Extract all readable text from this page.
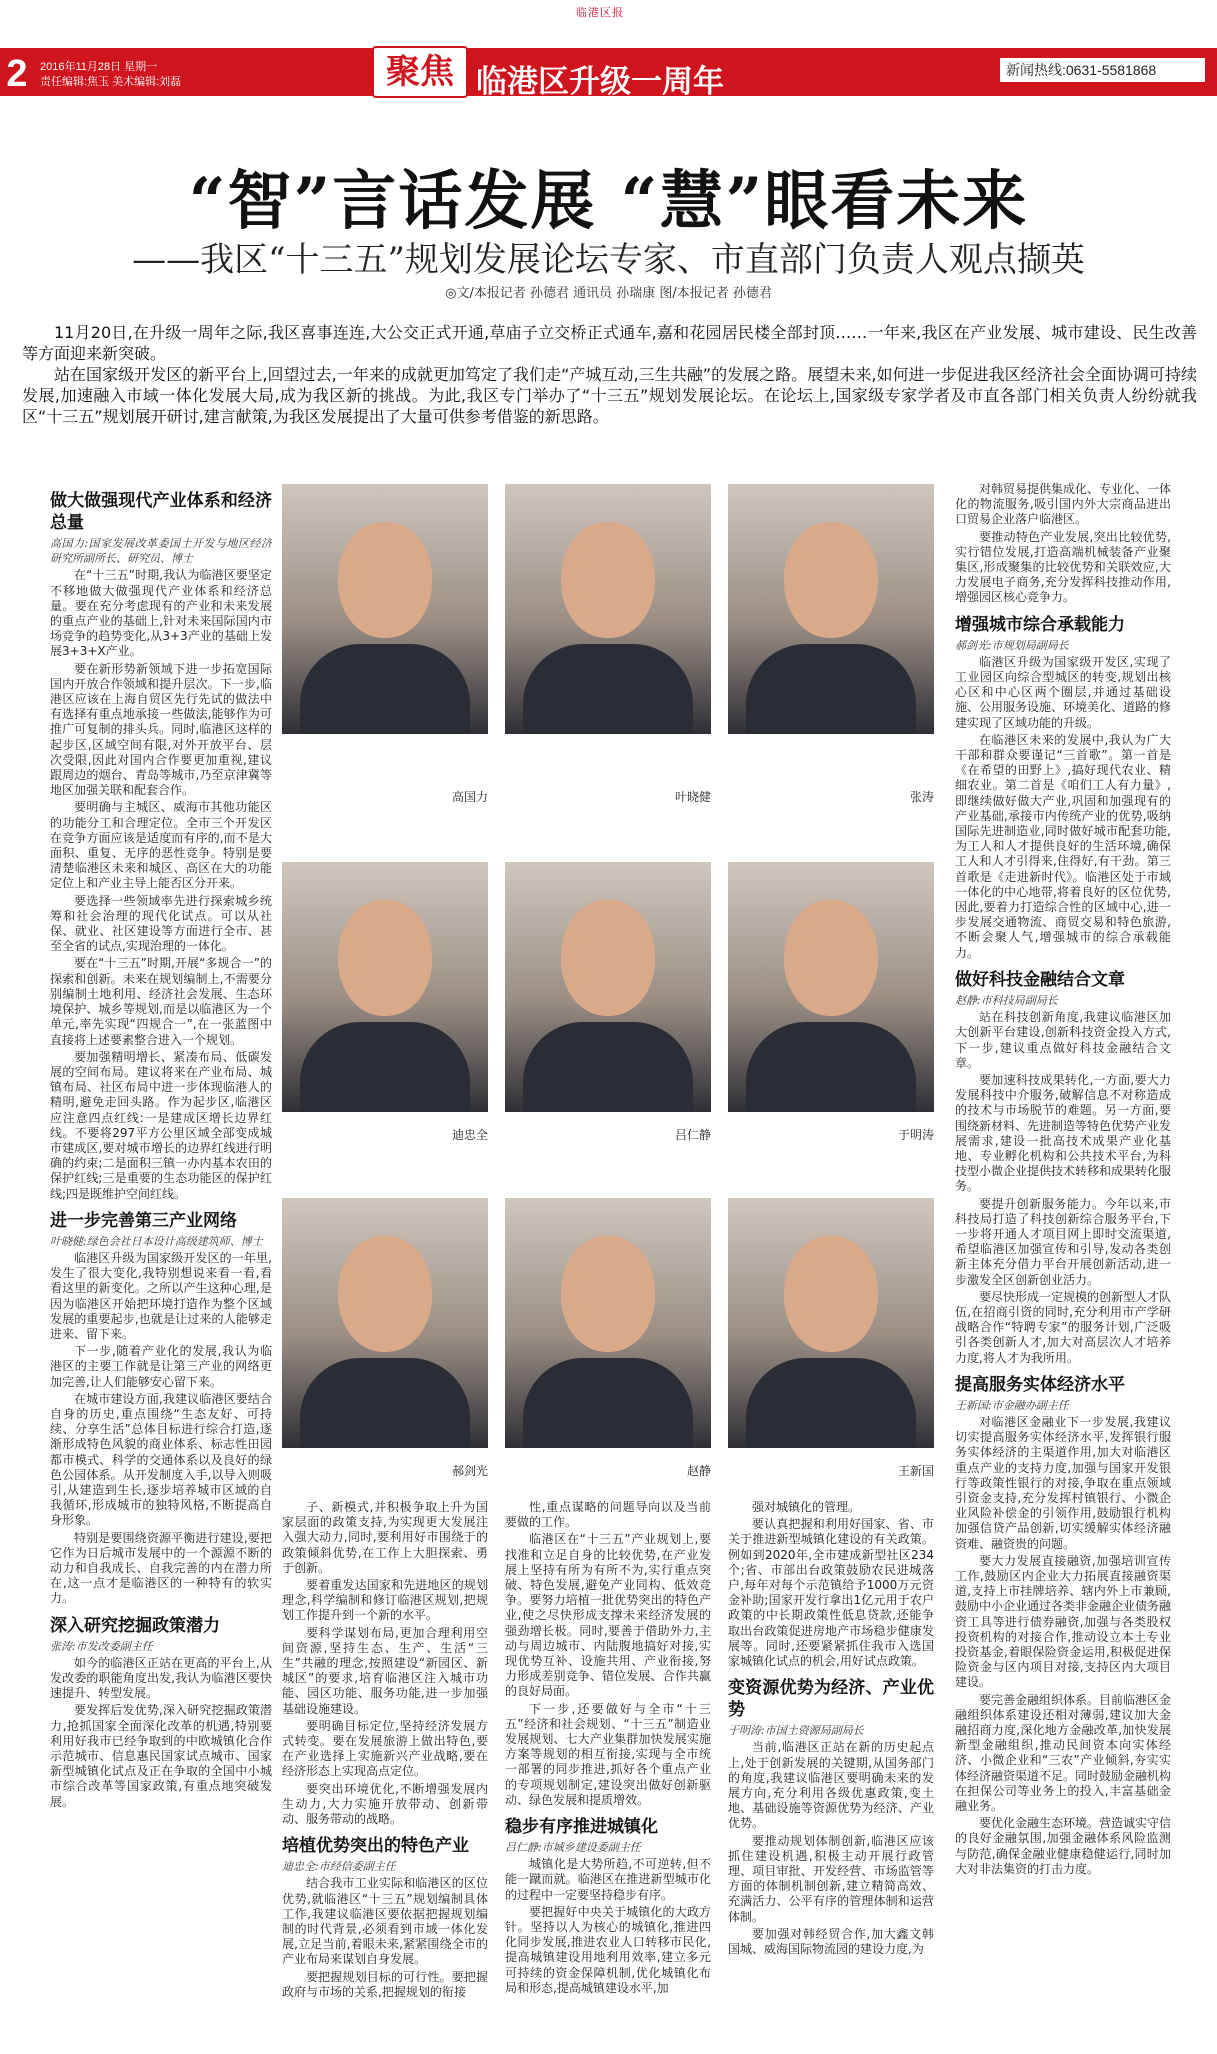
临港区报
2	2016年11月28日 星期一
责任编辑:焦玉 美术编辑:刘磊	聚焦 临港区升级一周年	新闻热线:0631-5581868
“智”言话发展 “慧”眼看未来
——我区“十三五”规划发展论坛专家、市直部门负责人观点撷英
◎文/本报记者 孙德君 通讯员 孙瑞康 图/本报记者 孙德君

11月20日,在升级一周年之际,我区喜事连连,大公交正式开通,草庙子立交桥正式通车,嘉和花园居民楼全部封顶……一年来,我区在产业发展、城市建设、民生改善等方面迎来新突破。

站在国家级开发区的新平台上,回望过去,一年来的成就更加笃定了我们走“产城互动,三生共融”的发展之路。展望未来,如何进一步促进我区经济社会全面协调可持续发展,加速融入市域一体化发展大局,成为我区新的挑战。为此,我区专门举办了“十三五”规划发展论坛。在论坛上,国家级专家学者及市直各部门相关负责人纷纷就我区“十三五”规划展开研讨,建言献策,为我区发展提出了大量可供参考借鉴的新思路。

做大做强现代产业体系和经济总量

高国力:国家发展改革委国土开发与地区经济研究所副所长、研究员、博士

在“十三五”时期,我认为临港区要坚定不移地做大做强现代产业体系和经济总量。要在充分考虑现有的产业和未来发展的重点产业的基础上,针对未来国际国内市场竞争的趋势变化,从3+3产业的基础上发展3+3+X产业。

要在新形势新领域下进一步拓宽国际国内开放合作领域和提升层次。下一步,临港区应该在上海自贸区先行先试的做法中有选择有重点地承接一些做法,能够作为可推广可复制的排头兵。同时,临港区这样的起步区,区域空间有限,对外开放平台、层次受限,因此对国内合作要更加重视,建议跟周边的烟台、青岛等城市,乃至京津冀等地区加强关联和配套合作。

要明确与主城区、威海市其他功能区的功能分工和合理定位。全市三个开发区在竞争方面应该是适度而有序的,而不是大面积、重复、无序的恶性竞争。特别是要清楚临港区未来和城区、高区在大的功能定位上和产业主导上能否区分开来。

要选择一些领域率先进行探索城乡统筹和社会治理的现代化试点。可以从社保、就业、社区建设等方面进行全市、甚至全省的试点,实现治理的一体化。

要在“十三五”时期,开展“多规合一”的探索和创新。未来在规划编制上,不需要分别编制土地利用、经济社会发展、生态环境保护、城乡等规划,而是以临港区为一个单元,率先实现“四规合一”,在一张蓝图中直接将上述要素整合进入一个规划。

要加强精明增长、紧凑布局、低碳发展的空间布局。建议将来在产业布局、城镇布局、社区布局中进一步体现临港人的精明,避免走回头路。作为起步区,临港区应注意四点红线:一是建成区增长边界红线。不要将297平方公里区域全部变成城市建成区,要对城市增长的边界红线进行明确的约束;二是面积三镇一办内基本农田的保护红线;三是重要的生态功能区的保护红线;四是既维护空间红线。

进一步完善第三产业网络

叶晓健:绿色会社日本设计高级建筑师、博士

临港区升级为国家级开发区的一年里,发生了很大变化,我特别想说来看一看,看看这里的新变化。之所以产生这种心理,是因为临港区开始把环境打造作为整个区域发展的重要起步,也就是让过来的人能够走进来、留下来。

下一步,随着产业化的发展,我认为临港区的主要工作就是让第三产业的网络更加完善,让人们能够安心留下来。

在城市建设方面,我建议临港区要结合自身的历史,重点围绕“生态友好、可持续、分享生活”总体目标进行综合打造,逐渐形成特色风貌的商业体系、标志性田园都市模式、科学的交通体系以及良好的绿色公园体系。从开发制度入手,以导入则吸引,从建造到生长,逐步培养城市区域的自我循环,形成城市的独特风格,不断提高自身形象。

特别是要围绕资源平衡进行建设,要把它作为日后城市发展中的一个源源不断的动力和自我成长、自我完善的内在潜力所在,这一点才是临港区的一种特有的软实力。

深入研究挖掘政策潜力

张涛:市发改委副主任

如今的临港区正站在更高的平台上,从发改委的职能角度出发,我认为临港区要快速提升、转型发展。

要发挥后发优势,深入研究挖掘政策潜力,抢抓国家全面深化改革的机遇,特别要利用好我市已经争取到的中欧城镇化合作示范城市、信息惠民国家试点城市、国家新型城镇化试点及正在争取的全国中小城市综合改革等国家政策,有重点地突破发展。

高国力	叶晓健	张涛
迪忠全	吕仁静	于明涛
郝剑光	赵静	王新国

子、新模式,并积极争取上升为国家层面的政策支持,为实现更大发展注入强大动力,同时,要利用好市围绕于的政策倾斜优势,在工作上大胆探索、勇于创新。

要着重发达国家和先进地区的规划理念,科学编制和修订临港区规划,把规划工作提升到一个新的水平。

要科学谋划布局,更加合理利用空间资源,坚持生态、生产、生活“三生”共融的理念,按照建设“新园区、新城区”的要求,培育临港区注入城市功能、园区功能、服务功能,进一步加强基础设施建设。

要明确目标定位,坚持经济发展方式转变。要在发展旅游上做出特色,要在产业选择上实施新兴产业战略,要在经济形态上实现高点定位。

要突出环境优化,不断增强发展内生动力,大力实施开放带动、创新带动、服务带动的战略。

培植优势突出的特色产业

迪忠全:市经信委副主任

结合我市工业实际和临港区的区位优势,就临港区“十三五”规划编制具体工作,我建议临港区要依据把握规划编制的时代背景,必须看到市域一体化发展,立足当前,着眼未来,紧紧围绕全市的产业布局来谋划自身发展。

要把握规划目标的可行性。要把握政府与市场的关系,把握规划的衔接

性,重点谋略的问题导向以及当前要做的工作。

临港区在“十三五”产业规划上,要找准和立足自身的比较优势,在产业发展上坚持有所为有所不为,实行重点突破、特色发展,避免产业同构、低效竞争。要努力培植一批优势突出的特色产业,使之尽快形成支撑未来经济发展的强劲增长极。同时,要善于借助外力,主动与周边城市、内陆腹地搞好对接,实现优势互补、设施共用、产业衔接,努力形成差别竞争、错位发展、合作共赢的良好局面。

下一步,还要做好与全市“十三五”经济和社会规划、“十三五”制造业发展规划、七大产业集群加快发展实施方案等规划的相互衔接,实现与全市统一部署的同步推进,抓好各个重点产业的专项规划制定,建设突出做好创新驱动、绿色发展和提质增效。

稳步有序推进城镇化

吕仁静:市城乡建设委副主任

城镇化是大势所趋,不可逆转,但不能一蹴而就。临港区在推进新型城市化的过程中一定要坚持稳步有序。

要把握好中央关于城镇化的大政方针。坚持以人为核心的城镇化,推进四化同步发展,推进农业人口转移市民化,提高城镇建设用地利用效率,建立多元可持续的资金保障机制,优化城镇化布局和形态,提高城镇建设水平,加

强对城镇化的管理。

要认真把握和利用好国家、省、市关于推进新型城镇化建设的有关政策。例如到2020年,全市建成新型社区234个;省、市部出台政策鼓励农民进城落户,每年对每个示范镇给予1000万元资金补助;国家开发行拿出1亿元用于农户政策的中长期政策性低息贷款,还能争取出台政策促进房地产市场稳步健康发展等。同时,还要紧紧抓住我市入选国家城镇化试点的机会,用好试点政策。

变资源优势为经济、产业优势

于明涛:市国土资源局副局长

当前,临港区正站在新的历史起点上,处于创新发展的关键期,从国务部门的角度,我建议临港区要明确未来的发展方向,充分利用各级优惠政策,变土地、基础设施等资源优势为经济、产业优势。

要推动规划体制创新,临港区应该抓住建设机遇,积极主动开展行政管理、项目审批、开发经营、市场监管等方面的体制机制创新,建立精简高效、充满活力、公平有序的管理体制和运营体制。

要加强对韩经贸合作,加大鑫文韩国城、威海国际物流园的建设力度,为

对韩贸易提供集成化、专业化、一体化的物流服务,吸引国内外大宗商品进出口贸易企业落户临港区。

要推动特色产业发展,突出比较优势,实行错位发展,打造高端机械装备产业聚集区,形成聚集的比较优势和关联效应,大力发展电子商务,充分发挥科技推动作用,增强园区核心竞争力。

增强城市综合承载能力

郝剑光:市规划局副局长

临港区升级为国家级开发区,实现了工业园区向综合型城区的转变,规划出核心区和中心区两个圈层,并通过基础设施、公用服务设施、环境美化、道路的修建实现了区域功能的升级。

在临港区未来的发展中,我认为广大干部和群众要谨记“三首歌”。第一首是《在希望的田野上》,搞好现代农业、精细农业。第二首是《咱们工人有力量》,即继续做好做大产业,巩固和加强现有的产业基础,承接市内传统产业的优势,吸纳国际先进制造业,同时做好城市配套功能,为工人和人才提供良好的生活环境,确保工人和人才引得来,住得好,有干劲。第三首歌是《走进新时代》。临港区处于市域一体化的中心地带,将着良好的区位优势,因此,要着力打造综合性的区域中心,进一步发展交通物流、商贸交易和特色旅游,不断会聚人气,增强城市的综合承载能力。

做好科技金融结合文章

赵静:市科技局副局长

站在科技创新角度,我建议临港区加大创新平台建设,创新科技资金投入方式,下一步,建议重点做好科技金融结合文章。

要加速科技成果转化,一方面,要大力发展科技中介服务,破解信息不对称造成的技术与市场脱节的难题。另一方面,要围绕新材料、先进制造等特色优势产业发展需求,建设一批高技术成果产业化基地、专业孵化机构和公共技术平台,为科技型小微企业提供技术转移和成果转化服务。

要提升创新服务能力。今年以来,市科技局打造了科技创新综合服务平台,下一步将开通人才项目网上即时交流渠道,希望临港区加强宣传和引导,发动各类创新主体充分借力平台开展创新活动,进一步激发全区创新创业活力。

要尽快形成一定规模的创新型人才队伍,在招商引资的同时,充分利用市产学研战略合作“特聘专家”的服务计划,广泛吸引各类创新人才,加大对高层次人才培养力度,将人才为我所用。

提高服务实体经济水平

王新国:市金融办副主任

对临港区金融业下一步发展,我建议切实提高服务实体经济水平,发挥银行服务实体经济的主渠道作用,加大对临港区重点产业的支持力度,加强与国家开发银行等政策性银行的对接,争取在重点领域引资金支持,充分发挥村镇银行、小微企业风险补偿金的引领作用,鼓励银行机构加强信贷产品创新,切实缓解实体经济融资难、融资贵的问题。

要大力发展直接融资,加强培训宣传工作,鼓励区内企业大力拓展直接融资渠道,支持上市挂牌培养、辖内外上市兼顾,鼓励中小企业通过各类非金融企业债务融资工具等进行债券融资,加强与各类股权投资机构的对接合作,推动设立本土专业投资基金,着眼保险资金运用,积极促进保险资金与区内项目对接,支持区内大项目建设。

要完善金融组织体系。目前临港区金融组织体系建设还相对薄弱,建议加大金融招商力度,深化地方金融改革,加快发展新型金融组织,推动民间资本向实体经济、小微企业和“三农”产业倾斜,夯实实体经济融资渠道不足。同时鼓励金融机构在担保公司等业务上的投入,丰富基础金融业务。

要优化金融生态环境。营造诚实守信的良好金融氛围,加强金融体系风险监测与防范,确保金融业健康稳健运行,同时加大对非法集资的打击力度。
